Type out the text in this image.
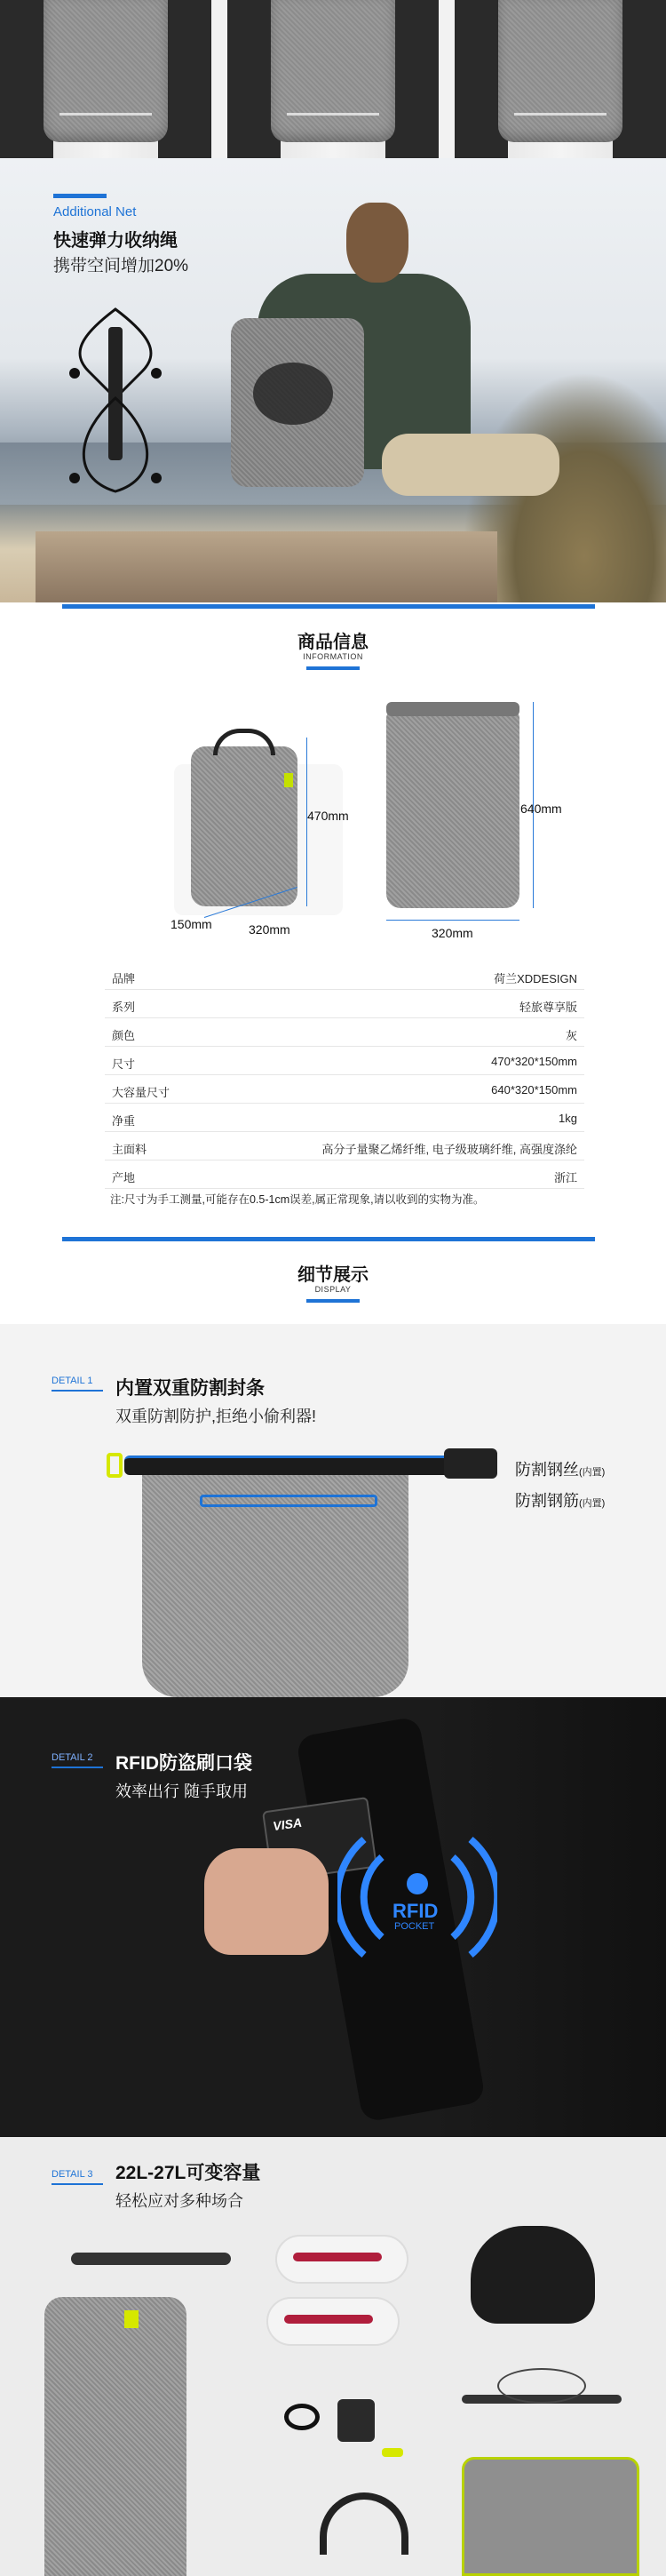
Additional Net
快速弹力收纳绳
携带空间增加20%
商品信息
INFORMATION
470mm
320mm
150mm
640mm
320mm
品牌	荷兰XDDESIGN
系列	轻旅尊享版
颜色	灰
尺寸	470*320*150mm
大容量尺寸	640*320*150mm
净重	1kg
主面料	高分子量聚乙烯纤维, 电子级玻璃纤维, 高强度涤纶
产地	浙江
注:尺寸为手工测量,可能存在0.5-1cm误差,属正常现象,请以收到的实物为准。
细节展示
DISPLAY
DETAIL 1 内置双重防割封条
双重防割防护,拒绝小偷利器!
防割钢丝(内置)
防割钢筋(内置)
VISA
RFID
POCKET
DETAIL 2 RFID防盗刷口袋
效率出行 随手取用
DETAIL 3 22L-27L可变容量
轻松应对多种场合
